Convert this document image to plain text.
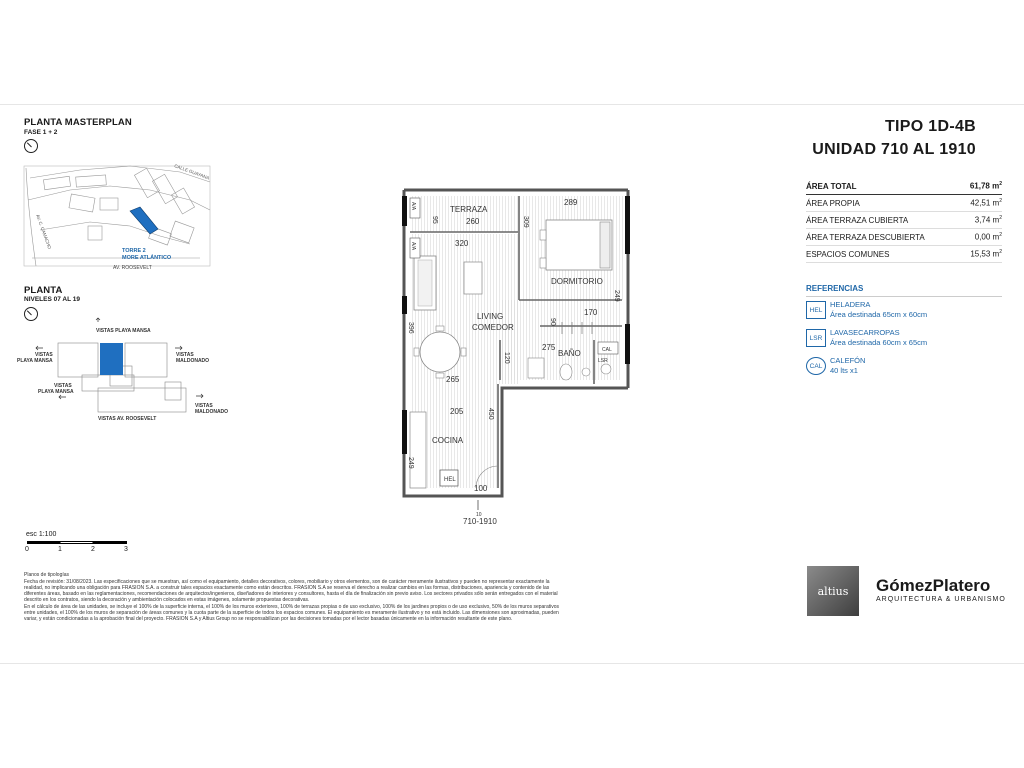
PLANTA MASTERPLAN
FASE 1 + 2
PLANTA
NIVELES 07 AL 19
CALLE GUAYANA
AV. C. CAMACHO
AV. ROOSEVELT
TORRE 2
MORE ATLÁNTICO
VISTAS PLAYA MANSA
VISTAS
PLAYA MANSA
VISTAS
PLAYA MANSA
VISTAS
MALDONADO
VISTAS
MALDONADO
VISTAS AV. ROOSEVELT
TERRAZA
DORMITORIO
LIVING
COMEDOR
BAÑO
COCINA
260
95
289
309
320
396
249
170
90
275
120
265
205	450
249
100
A/A
A/A
HEL
LSR
CAL
10
710-1910
TIPO 1D-4B
UNIDAD 710 AL 1910
ÁREA TOTAL	61,78 $m^2$
ÁREA PROPIA	42,51 $m^2$
ÁREA TERRAZA CUBIERTA	3,74 $m^2$
ÁREA TERRAZA DESCUBIERTA	0,00 $m^2$
ESPACIOS COMUNES	15,53 $m^2$
REFERENCIAS
HEL
HELADERA
Área destinada 65cm x 60cm
LSR
LAVASECARROPAS
Área destinada 60cm x 65cm
CAL
CALEFÓN
40 lts x1
altius	GómezPlatero
ARQUITECTURA & URBANISMO
esc 1:100
0	1	2	3

Planos de tipologías

Fecha de revisión: 31/08/2023. Las especificaciones que se muestran, así como el equipamiento, detalles decorativos, colores, mobiliario y otros elementos, son de carácter meramente ilustrativos y pueden no representar exactamente la realidad, no implicando una obligación para FRASION S.A. a construir tales espacios exactamente como están descritos. FRASION S.A se reserva el derecho a realizar cambios en las formas, distribuciones, apariencia y contenido de las diferentes áreas, basado en las reglamentaciones, recomendaciones de arquitectos/ingenieros, diseñadores de interiores y consultores, hasta el día de finalización sin previo aviso. Los sectores privados sólo serán entregados con el material descrito en los contratos, siendo la decoración y ambientación colocados en estas imágenes, solamente propuestas decorativas.

En el cálculo de área de las unidades, se incluye el 100% de la superficie interna, el 100% de los muros exteriores, 100% de terrazas propias o de uso exclusivo, 100% de los jardines propios o de uso exclusivo, 50% de los muros separativos entre unidades, el 100% de los muros de separación de áreas comunes y la cuota parte de la superficie de todos los espacios comunes. El equipamiento es meramente ilustrativo y no está incluido. Las dimensiones son aproximadas, pueden variar, y están condicionadas a la aprobación final del proyecto. FRASION S.A y Altius Group no se responsabilizan por las decisiones tomadas por el lector basadas únicamente en la información resultante de este plano.
